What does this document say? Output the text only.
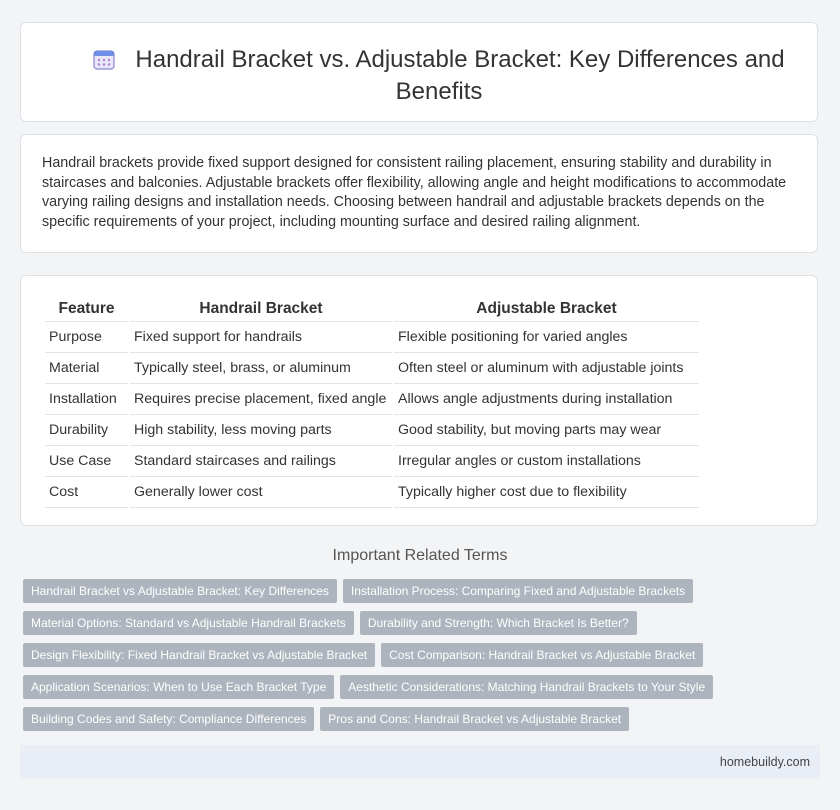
Handrail Bracket vs. Adjustable Bracket: Key Differences and Benefits

Handrail brackets provide fixed support designed for consistent railing placement, ensuring stability and durability in staircases and balconies. Adjustable brackets offer flexibility, allowing angle and height modifications to accommodate varying railing designs and installation needs. Choosing between handrail and adjustable brackets depends on the specific requirements of your project, including mounting surface and desired railing alignment.

Feature	Handrail Bracket	Adjustable Bracket
Purpose	Fixed support for handrails	Flexible positioning for varied angles
Material	Typically steel, brass, or aluminum	Often steel or aluminum with adjustable joints
Installation	Requires precise placement, fixed angle	Allows angle adjustments during installation
Durability	High stability, less moving parts	Good stability, but moving parts may wear
Use Case	Standard staircases and railings	Irregular angles or custom installations
Cost	Generally lower cost	Typically higher cost due to flexibility
Important Related Terms
Handrail Bracket vs Adjustable Bracket: Key Differences Installation Process: Comparing Fixed and Adjustable Brackets
Material Options: Standard vs Adjustable Handrail Brackets Durability and Strength: Which Bracket Is Better?
Design Flexibility: Fixed Handrail Bracket vs Adjustable Bracket Cost Comparison: Handrail Bracket vs Adjustable Bracket
Application Scenarios: When to Use Each Bracket Type Aesthetic Considerations: Matching Handrail Brackets to Your Style
Building Codes and Safety: Compliance Differences Pros and Cons: Handrail Bracket vs Adjustable Bracket
homebuildy.com
